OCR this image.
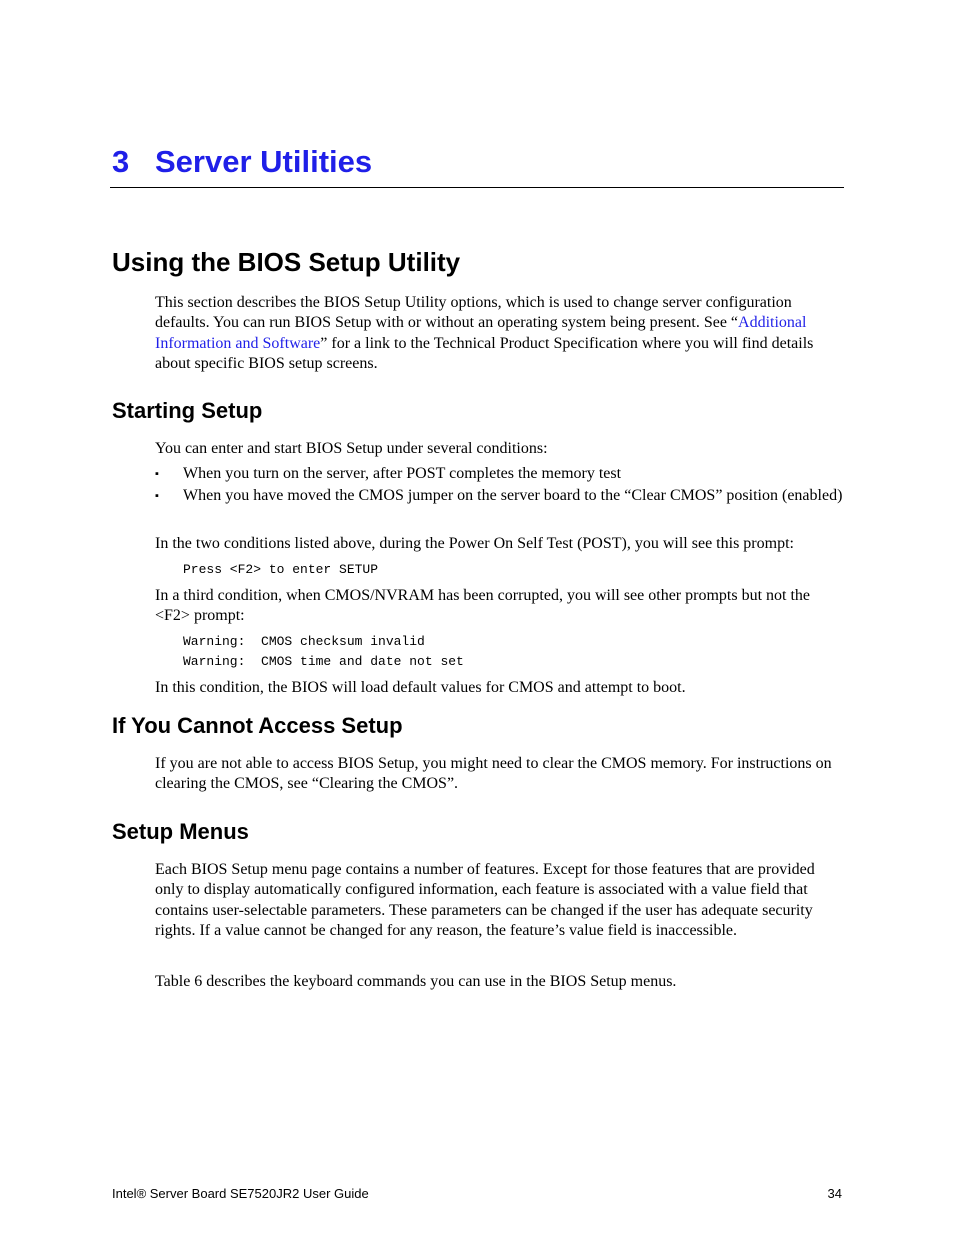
3 Server Utilities
Using the BIOS Setup Utility
This section describes the BIOS Setup Utility options, which is used to change server configuration defaults. You can run BIOS Setup with or without an operating system being present. See “Additional Information and Software” for a link to the Technical Product Specification where you will find details about specific BIOS setup screens.
Starting Setup
You can enter and start BIOS Setup under several conditions:
▪ When you turn on the server, after POST completes the memory test
▪ When you have moved the CMOS jumper on the server board to the “Clear CMOS” position (enabled)
In the two conditions listed above, during the Power On Self Test (POST), you will see this prompt:
Press <F2> to enter SETUP
In a third condition, when CMOS/NVRAM has been corrupted, you will see other prompts but not the <F2> prompt:
Warning:  CMOS checksum invalid
Warning:  CMOS time and date not set
In this condition, the BIOS will load default values for CMOS and attempt to boot.
If You Cannot Access Setup
If you are not able to access BIOS Setup, you might need to clear the CMOS memory. For instructions on clearing the CMOS, see “Clearing the CMOS”.
Setup Menus
Each BIOS Setup menu page contains a number of features. Except for those features that are provided only to display automatically configured information, each feature is associated with a value field that contains user-selectable parameters. These parameters can be changed if the user has adequate security rights. If a value cannot be changed for any reason, the feature’s value field is inaccessible.
Table 6 describes the keyboard commands you can use in the BIOS Setup menus.
Intel® Server Board SE7520JR2 User Guide	34
